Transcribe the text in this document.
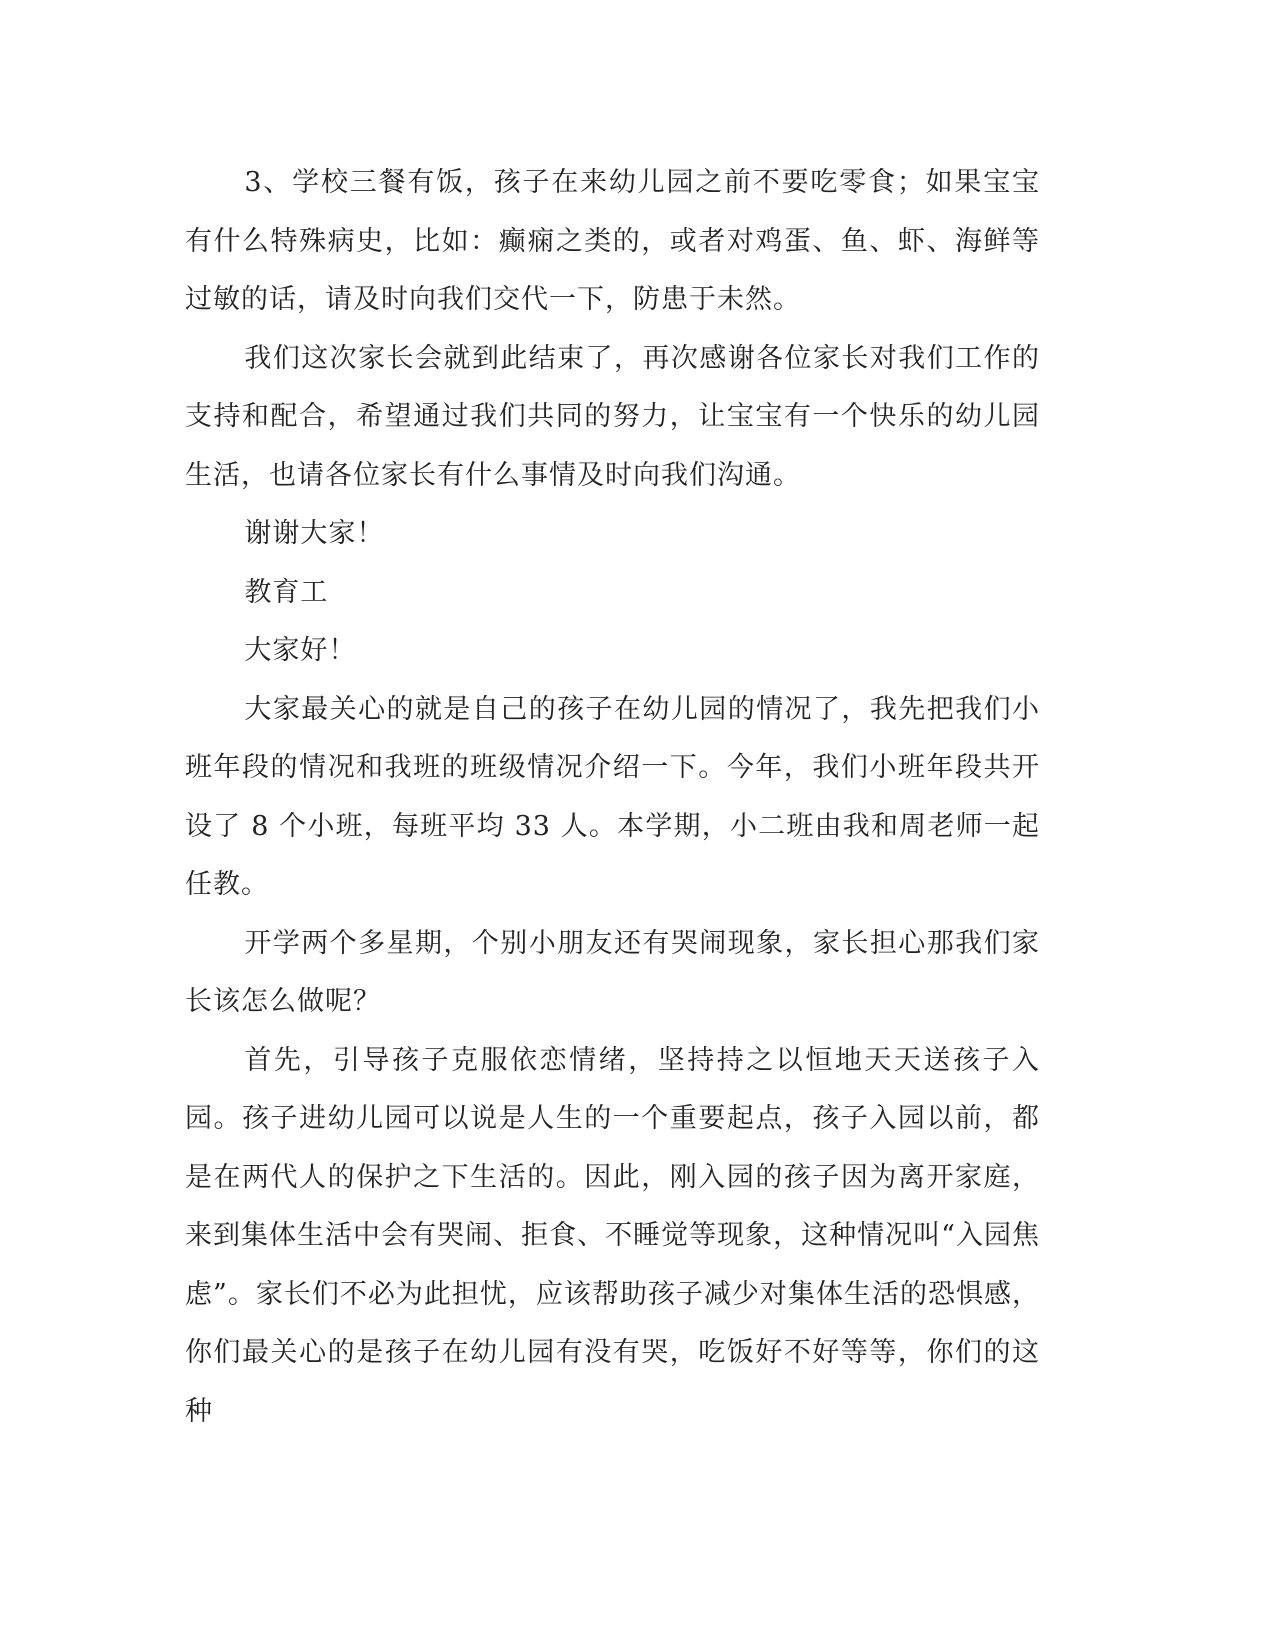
3、学校三餐有饭，孩子在来幼儿园之前不要吃零食；如果宝宝有什么特殊病史，比如：癫痫之类的，或者对鸡蛋、鱼、虾、海鲜等过敏的话，请及时向我们交代一下，防患于未然。

我们这次家长会就到此结束了，再次感谢各位家长对我们工作的支持和配合，希望通过我们共同的努力，让宝宝有一个快乐的幼儿园生活，也请各位家长有什么事情及时向我们沟通。

谢谢大家！

教育工

大家好！

大家最关心的就是自己的孩子在幼儿园的情况了，我先把我们小班年段的情况和我班的班级情况介绍一下。今年，我们小班年段共开设了 8 个小班，每班平均 33 人。本学期，小二班由我和周老师一起任教。

开学两个多星期，个别小朋友还有哭闹现象，家长担心那我们家长该怎么做呢？

首先，引导孩子克服依恋情绪，坚持持之以恒地天天送孩子入园。孩子进幼儿园可以说是人生的一个重要起点，孩子入园以前，都是在两代人的保护之下生活的。因此，刚入园的孩子因为离开家庭，来到集体生活中会有哭闹、拒食、不睡觉等现象，这种情况叫“入园焦虑”。家长们不必为此担忧，应该帮助孩子减少对集体生活的恐惧感，你们最关心的是孩子在幼儿园有没有哭，吃饭好不好等等，你们的这种
